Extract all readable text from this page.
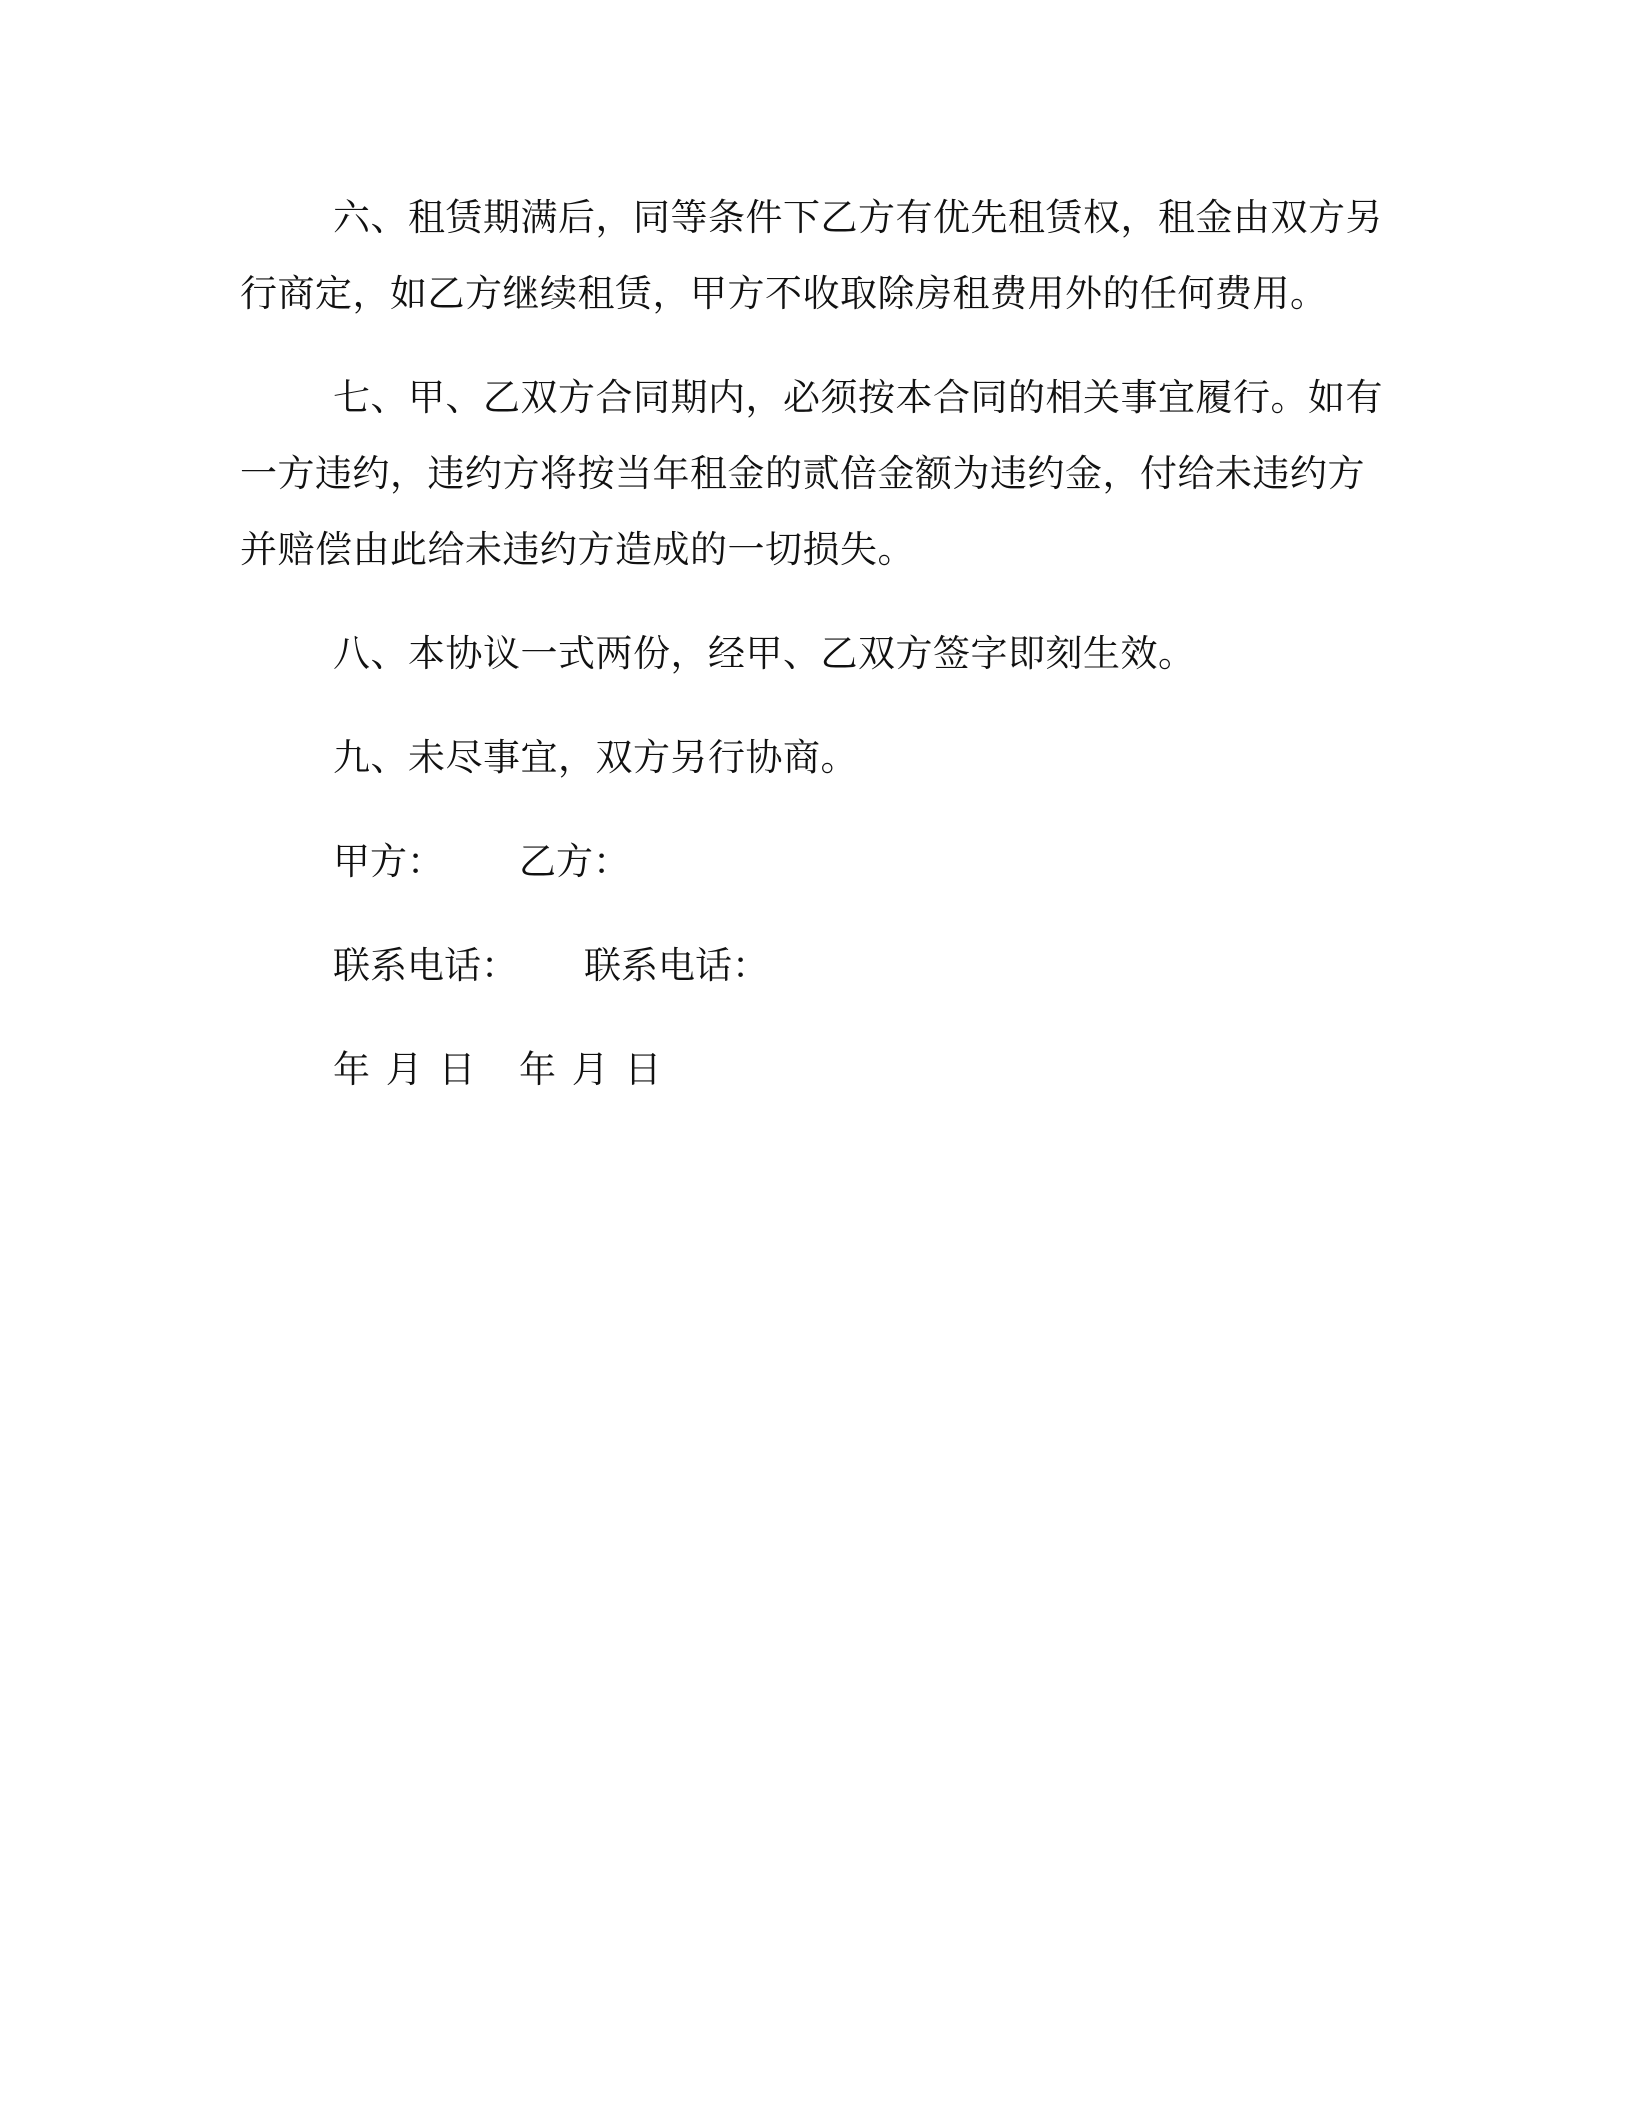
六、租赁期满后，同等条件下乙方有优先租赁权，租金由双方另

行商定，如乙方继续租赁，甲方不收取除房租费用外的任何费用。

七、甲、乙双方合同期内，必须按本合同的相关事宜履行。如有

一方违约，违约方将按当年租金的贰倍金额为违约金，付给未违约方

并赔偿由此给未违约方造成的一切损失。

八、本协议一式两份，经甲、乙双方签字即刻生效。

九、未尽事宜，双方另行协商。

甲方： 乙方：

联系电话： 联系电话：

年 月 日 年 月 日
